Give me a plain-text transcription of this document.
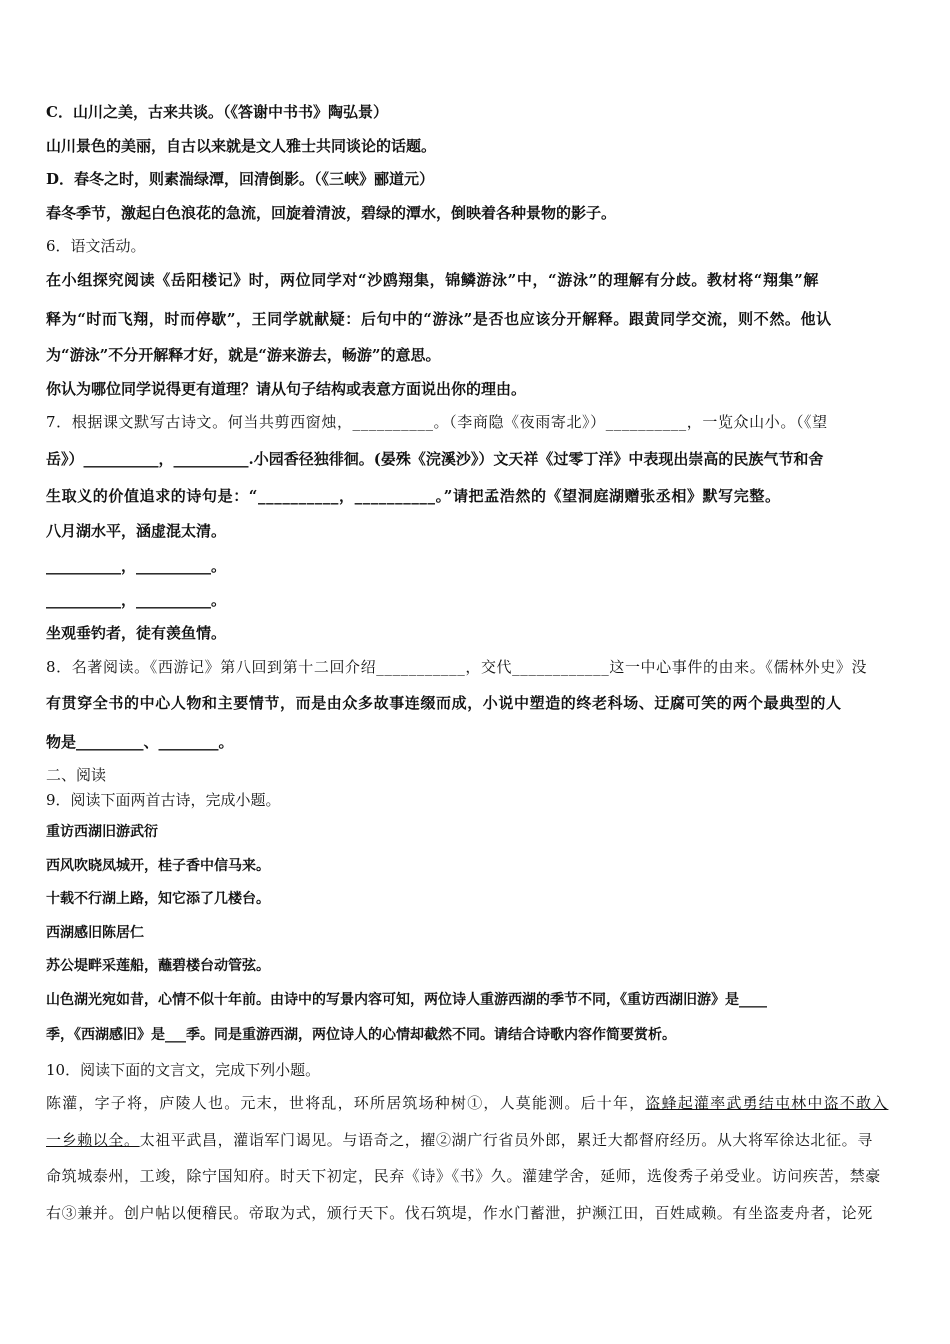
C．山川之美，古来共谈。（《答谢中书书》陶弘景）
山川景色的美丽，自古以来就是文人雅士共同谈论的话题。
D．春冬之时，则素湍绿潭，回清倒影。（《三峡》郦道元）
春冬季节，激起白色浪花的急流，回旋着清波，碧绿的潭水，倒映着各种景物的影子。
6．语文活动。
在小组探究阅读《岳阳楼记》时，两位同学对“沙鸥翔集，锦鳞游泳”中，“游泳”的理解有分歧。教材将“翔集”解
释为“时而飞翔，时而停歇”，王同学就献疑：后句中的“游泳”是否也应该分开解释。跟黄同学交流，则不然。他认
为“游泳”不分开解释才好，就是“游来游去，畅游”的意思。
你认为哪位同学说得更有道理？请从句子结构或表意方面说出你的理由。
7．根据课文默写古诗文。何当共剪西窗烛，__________。（李商隐《夜雨寄北》）__________，一览众山小。（《望
岳》）__________，__________.小园香径独徘徊。(晏殊《浣溪沙》）文天祥《过零丁洋》中表现出崇高的民族气节和舍
生取义的价值追求的诗句是：“__________，__________。”请把孟浩然的《望洞庭湖赠张丞相》默写完整。
八月湖水平，涵虚混太清。
__________，__________。
__________，__________。
坐观垂钓者，徒有羡鱼情。
8．名著阅读。《西游记》第八回到第十二回介绍___________，交代____________这一中心事件的由来。《儒林外史》没
有贯穿全书的中心人物和主要情节，而是由众多故事连缀而成，小说中塑造的终老科场、迂腐可笑的两个最典型的人
物是_________、________。
二、阅读
9．阅读下面两首古诗，完成小题。
重访西湖旧游武衍
西风吹晓凤城开，桂子香中信马来。
十载不行湖上路，知它添了几楼台。
西湖感旧陈居仁
苏公堤畔采莲船，蘸碧楼台动管弦。
山色湖光宛如昔，心情不似十年前。由诗中的写景内容可知，两位诗人重游西湖的季节不同，《重访西湖旧游》是____
季，《西湖感旧》是___季。同是重游西湖，两位诗人的心情却截然不同。请结合诗歌内容作简要赏析。
10．阅读下面的文言文，完成下列小题。
陈灌，字子将，庐陵人也。元末，世将乱，环所居筑场种树①，人莫能测。后十年，盗蜂起灌率武勇结屯林中盗不敢入
一乡赖以全。太祖平武昌，灌诣军门谒见。与语奇之，擢②湖广行省员外郎，累迁大都督府经历。从大将军徐达北征。寻
命筑城泰州，工竣，除宁国知府。时天下初定，民弃《诗》《书》久。灌建学舍，延师，选俊秀子弟受业。访问疾苦，禁豪
右③兼并。创户帖以便稽民。帝取为式，颁行天下。伐石筑堤，作水门蓄泄，护濒江田，百姓咸赖。有坐盗麦舟者，论死
